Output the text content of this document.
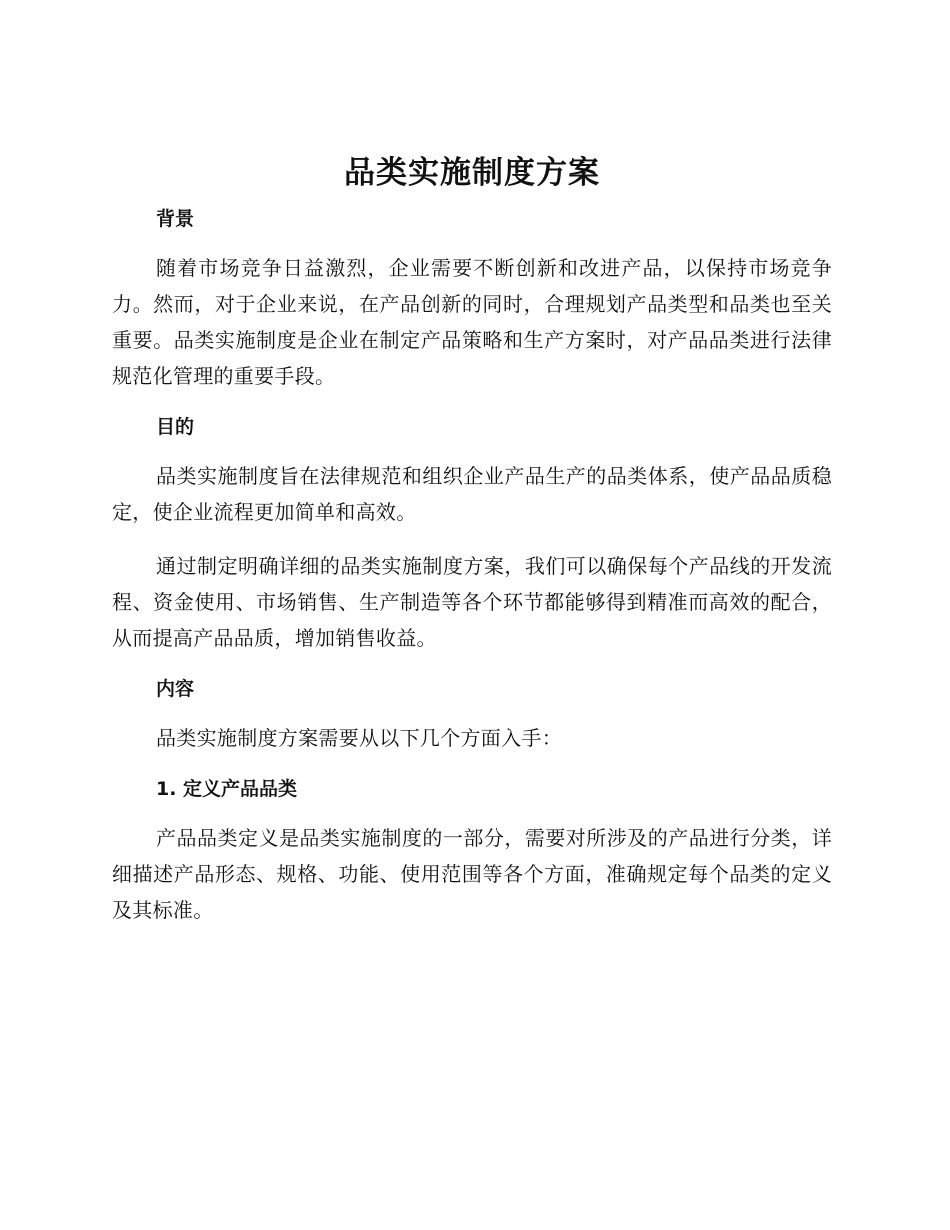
品类实施制度方案
背景

随着市场竞争日益激烈，企业需要不断创新和改进产品，以保持市场竞争力。然而，对于企业来说，在产品创新的同时，合理规划产品类型和品类也至关重要。品类实施制度是企业在制定产品策略和生产方案时，对产品品类进行法律规范化管理的重要手段。

目的

品类实施制度旨在法律规范和组织企业产品生产的品类体系，使产品品质稳定，使企业流程更加简单和高效。

通过制定明确详细的品类实施制度方案，我们可以确保每个产品线的开发流程、资金使用、市场销售、生产制造等各个环节都能够得到精准而高效的配合，从而提高产品品质，增加销售收益。

内容

品类实施制度方案需要从以下几个方面入手：

1. 定义产品品类

产品品类定义是品类实施制度的一部分，需要对所涉及的产品进行分类，详细描述产品形态、规格、功能、使用范围等各个方面，准确规定每个品类的定义及其标准。
